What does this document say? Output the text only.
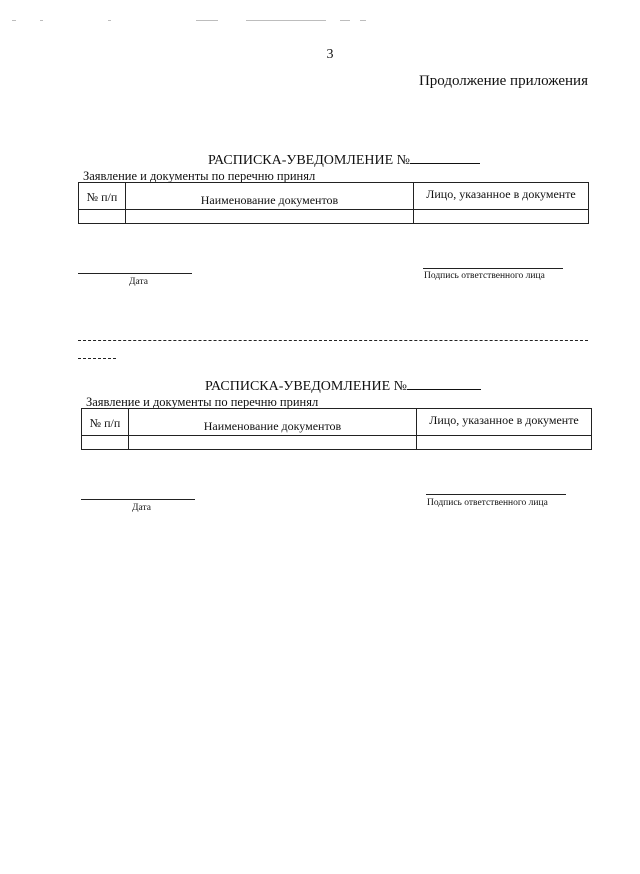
3
Продолжение приложения
РАСПИСКА-УВЕДОМЛЕНИЕ №
Заявление и документы по перечню принял
№ п/п	Наименование документов	Лицо, указанное в документе

Дата
Подпись ответственного лица
РАСПИСКА-УВЕДОМЛЕНИЕ №
Заявление и документы по перечню принял
№ п/п	Наименование документов	Лицо, указанное в документе

Дата	Подпись ответственного лица
